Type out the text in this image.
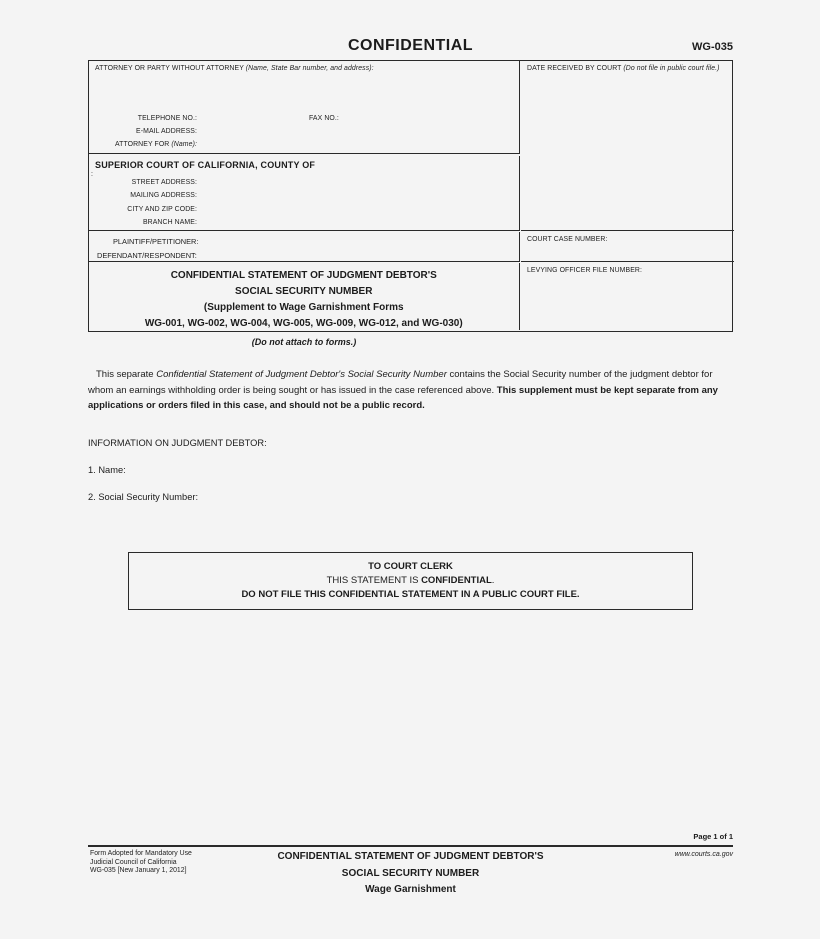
CONFIDENTIAL	WG-035
ATTORNEY OR PARTY WITHOUT ATTORNEY (Name, State Bar number, and address):
TELEPHONE NO.:	FAX NO.:
E-MAIL ADDRESS:
ATTORNEY FOR (Name):
SUPERIOR COURT OF CALIFORNIA, COUNTY OF
:
STREET ADDRESS:
MAILING ADDRESS:
CITY AND ZIP CODE:
BRANCH NAME:
PLAINTIFF/PETITIONER:
DEFENDANT/RESPONDENT:
CONFIDENTIAL STATEMENT OF JUDGMENT DEBTOR'S
SOCIAL SECURITY NUMBER
(Supplement to Wage Garnishment Forms
WG-001, WG-002, WG-004, WG-005, WG-009, WG-012, and WG-030)
DATE RECEIVED BY COURT (Do not file in public court file.)
COURT CASE NUMBER:
LEVYING OFFICER FILE NUMBER:
(Do not attach to forms.)
This separate Confidential Statement of Judgment Debtor's Social Security Number contains the Social Security number of the judgment debtor for whom an earnings withholding order is being sought or has issued in the case referenced above. This supplement must be kept separate from any applications or orders filed in this case, and should not be a public record.
INFORMATION ON JUDGMENT DEBTOR:
1. Name:
2. Social Security Number:
TO COURT CLERK
THIS STATEMENT IS CONFIDENTIAL.
DO NOT FILE THIS CONFIDENTIAL STATEMENT IN A PUBLIC COURT FILE.
Page 1 of 1
Form Adopted for Mandatory Use
Judicial Council of California
WG-035 [New January 1, 2012]
CONFIDENTIAL STATEMENT OF JUDGMENT DEBTOR'S
SOCIAL SECURITY NUMBER
Wage Garnishment
www.courts.ca.gov
